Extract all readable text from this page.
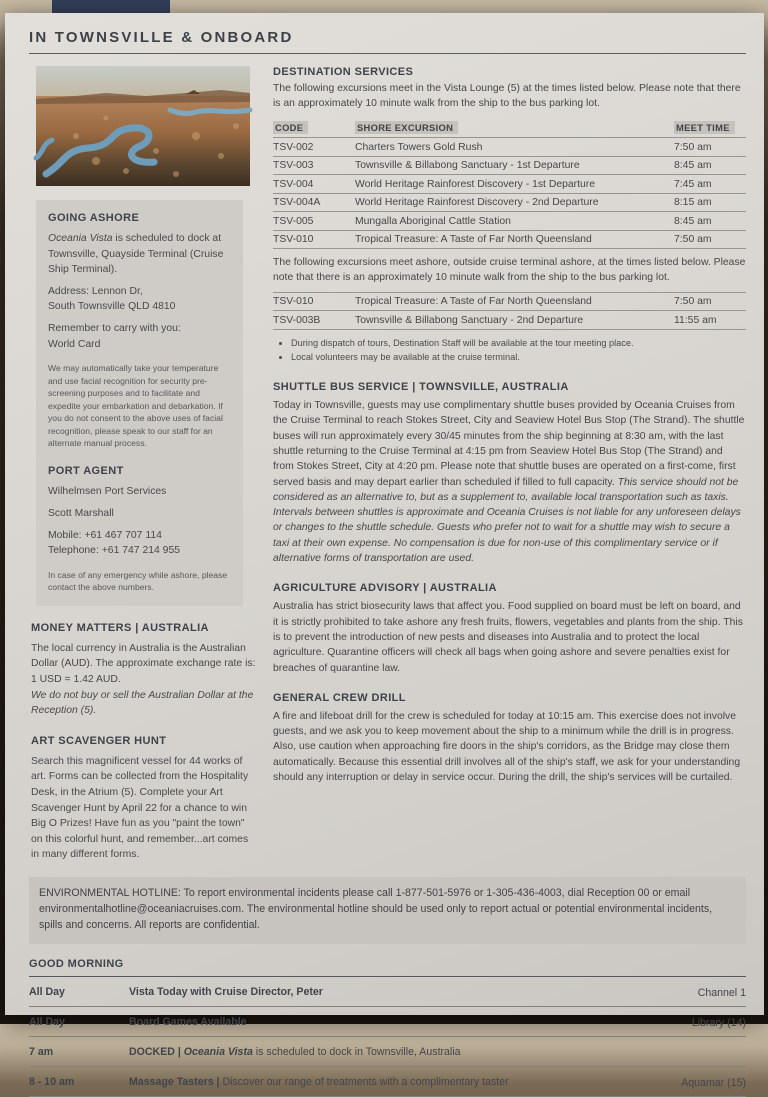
IN TOWNSVILLE & ONBOARD
GOING ASHORE
Oceania Vista is scheduled to dock at Townsville, Quayside Terminal (Cruise Ship Terminal).
Address: Lennon Dr,
South Townsville QLD 4810
Remember to carry with you:
World Card
We may automatically take your temperature and use facial recognition for security pre-screening purposes and to facilitate and expedite your embarkation and debarkation. If you do not consent to the above uses of facial recognition, please speak to our staff for an alternate manual process.
PORT AGENT
Wilhelmsen Port Services
Scott Marshall
Mobile: +61 467 707 114
Telephone: +61 747 214 955
In case of any emergency while ashore, please contact the above numbers.
MONEY MATTERS | AUSTRALIA
The local currency in Australia is the Australian Dollar (AUD). The approximate exchange rate is: 1 USD = 1.42 AUD.
We do not buy or sell the Australian Dollar at the Reception (5).
ART SCAVENGER HUNT
Search this magnificent vessel for 44 works of art. Forms can be collected from the Hospitality Desk, in the Atrium (5). Complete your Art Scavenger Hunt by April 22 for a chance to win Big O Prizes! Have fun as you "paint the town" on this colorful hunt, and remember...art comes in many different forms.
DESTINATION SERVICES
The following excursions meet in the Vista Lounge (5) at the times listed below. Please note that there is an approximately 10 minute walk from the ship to the bus parking lot.
CODE	SHORE EXCURSION	MEET TIME
TSV-002	Charters Towers Gold Rush	7:50 am
TSV-003	Townsville & Billabong Sanctuary - 1st Departure	8:45 am
TSV-004	World Heritage Rainforest Discovery - 1st Departure	7:45 am
TSV-004A	World Heritage Rainforest Discovery - 2nd Departure	8:15 am
TSV-005	Mungalla Aboriginal Cattle Station	8:45 am
TSV-010	Tropical Treasure: A Taste of Far North Queensland	7:50 am
The following excursions meet ashore, outside cruise terminal ashore, at the times listed below. Please note that there is an approximately 10 minute walk from the ship to the bus parking lot.
TSV-010	Tropical Treasure: A Taste of Far North Queensland	7:50 am
TSV-003B	Townsville & Billabong Sanctuary - 2nd Departure	11:55 am
• During dispatch of tours, Destination Staff will be available at the tour meeting place.
• Local volunteers may be available at the cruise terminal.
SHUTTLE BUS SERVICE | TOWNSVILLE, AUSTRALIA
Today in Townsville, guests may use complimentary shuttle buses provided by Oceania Cruises from the Cruise Terminal to reach Stokes Street, City and Seaview Hotel Bus Stop (The Strand). The shuttle buses will run approximately every 30/45 minutes from the ship beginning at 8:30 am, with the last shuttle returning to the Cruise Terminal at 4:15 pm from Seaview Hotel Bus Stop (The Strand) and from Stokes Street, City at 4:20 pm. Please note that shuttle buses are operated on a first-come, first served basis and may depart earlier than scheduled if filled to full capacity. This service should not be considered as an alternative to, but as a supplement to, available local transportation such as taxis. Intervals between shuttles is approximate and Oceania Cruises is not liable for any unforeseen delays or changes to the shuttle schedule. Guests who prefer not to wait for a shuttle may wish to secure a taxi at their own expense. No compensation is due for non-use of this complimentary service or if alternative forms of transportation are used.
AGRICULTURE ADVISORY | AUSTRALIA
Australia has strict biosecurity laws that affect you. Food supplied on board must be left on board, and it is strictly prohibited to take ashore any fresh fruits, flowers, vegetables and plants from the ship. This is to prevent the introduction of new pests and diseases into Australia and to protect the local agriculture. Quarantine officers will check all bags when going ashore and severe penalties exist for breaches of quarantine law.
GENERAL CREW DRILL
A fire and lifeboat drill for the crew is scheduled for today at 10:15 am. This exercise does not involve guests, and we ask you to keep movement about the ship to a minimum while the drill is in progress. Also, use caution when approaching fire doors in the ship's corridors, as the Bridge may close them automatically. Because this essential drill involves all of the ship's staff, we ask for your understanding should any interruption or delay in service occur. During the drill, the ship's services will be curtailed.
ENVIRONMENTAL HOTLINE: To report environmental incidents please call 1-877-501-5976 or 1-305-436-4003, dial Reception 00 or email environmentalhotline@oceaniacruises.com. The environmental hotline should be used only to report actual or potential environmental incidents, spills and concerns. All reports are confidential.
GOOD MORNING
All Day	Vista Today with Cruise Director, Peter	Channel 1
All Day	Board Games Available	Library (14)
7 am	DOCKED | Oceania Vista is scheduled to dock in Townsville, Australia
8 - 10 am	Massage Tasters | Discover our range of treatments with a complimentary taster	Aquamar (15)
